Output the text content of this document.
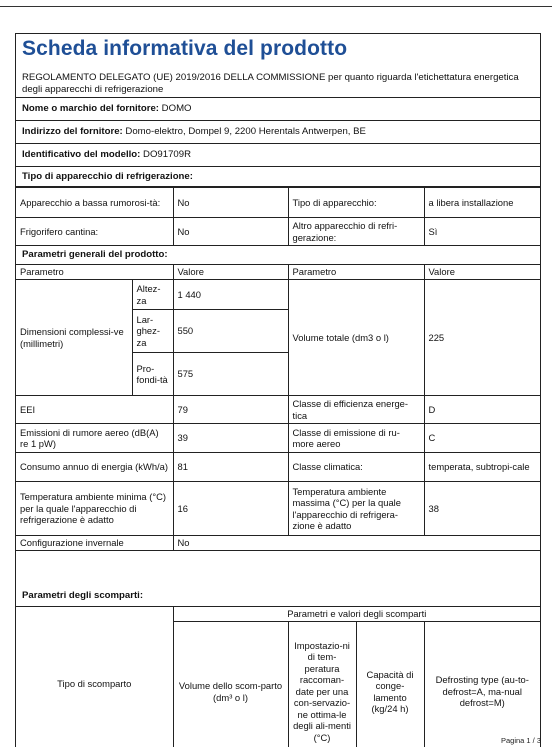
Scheda informativa del prodotto
REGOLAMENTO DELEGATO (UE) 2019/2016 DELLA COMMISSIONE per quanto riguarda l'etichettatura energetica degli apparecchi di refrigerazione
Nome o marchio del fornitore: DOMO
Indirizzo del fornitore: Domo-elektro, Dompel 9, 2200 Herentals Antwerpen, BE
Identificativo del modello: DO91709R
Tipo di apparecchio di refrigerazione:
Apparecchio a bassa rumorosi-tà:	No	Tipo di apparecchio:	a libera installazione
Frigorifero cantina:	No	Altro apparecchio di refri-gerazione:	Sì
Parametri generali del prodotto:
Parametro		Valore	Parametro	Valore
Dimensioni complessi-ve (millimetri)	Altez-za	1 440	Volume totale (dm3 o l)	225
	Lar-ghez-za	550		
	Pro-fondi-tà	575		
EEI		79	Classe di efficienza energe-tica	D
Emissioni di rumore aereo (dB(A) re 1 pW)		39	Classe di emissione di ru-more aereo	C
Consumo annuo di energia (kWh/a)		81	Classe climatica:	temperata, subtropi-cale
Temperatura ambiente minima (°C) per la quale l'apparecchio di refrigerazione è adatto		16	Temperatura ambiente massima (°C) per la quale l'apparecchio di refrigera-zione è adatto	38
Configurazione invernale		No		
Parametri degli scomparti:
Tipo di scomparto	Parametri e valori degli scomparti			
	Volume dello scom-parto (dm³ o l)	Impostazio-ni di tem-peratura raccoman-date per una con-servazio-ne ottima-le degli ali-menti (°C)	Capacità di conge-lamento (kg/24 h)	Defrosting type (au-to-defrost=A, ma-nual defrost=M)
Pagina 1 / 3
